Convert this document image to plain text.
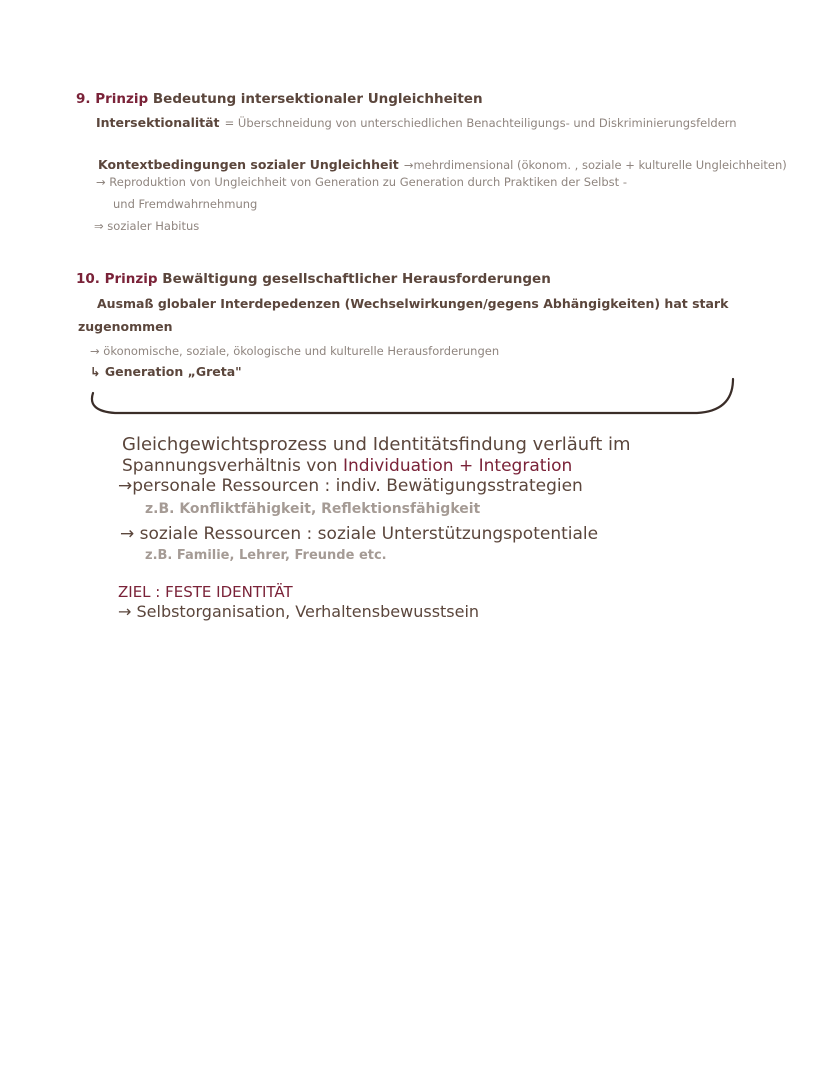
9. Prinzip Bedeutung intersektionaler Ungleichheiten
Intersektionalität = Überschneidung von unterschiedlichen Benachteiligungs- und Diskriminierungsfeldern
Kontextbedingungen sozialer Ungleichheit →mehrdimensional (ökonom. , soziale + kulturelle Ungleichheiten)
→ Reproduktion von Ungleichheit von Generation zu Generation durch Praktiken der Selbst -
und Fremdwahrnehmung
⇒ sozialer Habitus
10. Prinzip Bewältigung gesellschaftlicher Herausforderungen
Ausmaß globaler Interdepedenzen (Wechselwirkungen/gegens Abhängigkeiten) hat stark
zugenommen
→ ökonomische, soziale, ökologische und kulturelle Herausforderungen
↳ Generation „Greta"
Gleichgewichtsprozess und Identitätsfindung verläuft im
Spannungsverhältnis von Individuation + Integration
→personale Ressourcen : indiv. Bewätigungsstrategien
z.B. Konfliktfähigkeit, Reflektionsfähigkeit
→ soziale Ressourcen : soziale Unterstützungspotentiale
z.B. Familie, Lehrer, Freunde etc.
ZIEL : FESTE IDENTITÄT
→ Selbstorganisation, Verhaltensbewusstsein
